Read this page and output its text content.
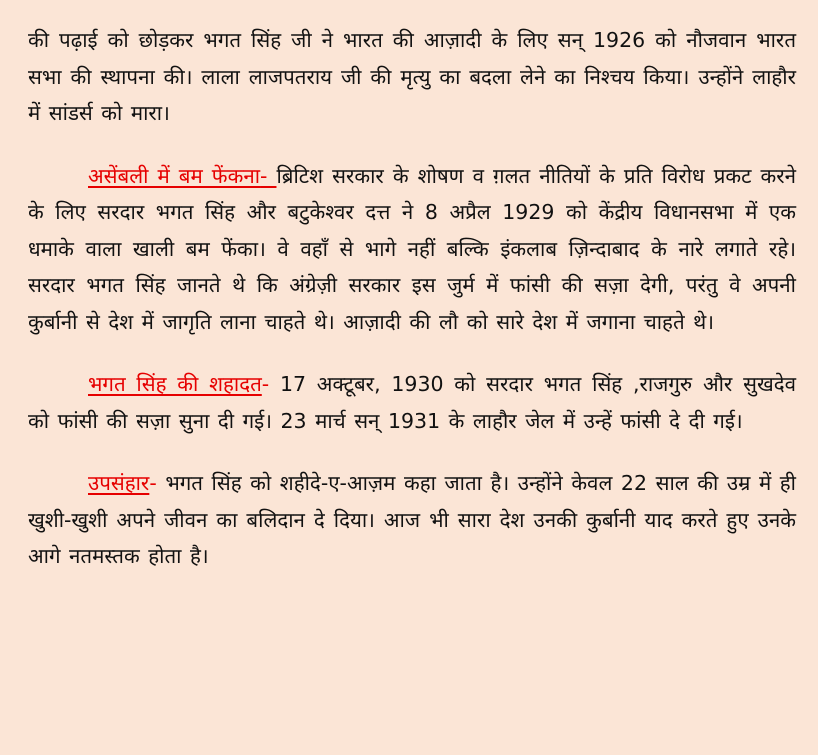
की पढ़ाई को छोड़कर भगत सिंह जी ने भारत की आज़ादी के लिए सन् 1926 को नौजवान भारत सभा की स्थापना की। लाला लाजपतराय जी की मृत्यु का बदला लेने का निश्चय किया। उन्होंने लाहौर में सांडर्स को मारा।

असेंबली में बम फेंकना- ब्रिटिश सरकार के शोषण व ग़लत नीतियों के प्रति विरोध प्रकट करने के लिए सरदार भगत सिंह और बटुकेश्वर दत्त ने 8 अप्रैल 1929 को केंद्रीय विधानसभा में एक धमाके वाला खाली बम फेंका। वे वहाँ से भागे नहीं बल्कि इंकलाब ज़िन्दाबाद के नारे लगाते रहे। सरदार भगत सिंह जानते थे कि अंग्रेज़ी सरकार इस जुर्म में फांसी की सज़ा देगी, परंतु वे अपनी कुर्बानी से देश में जागृति लाना चाहते थे। आज़ादी की लौ को सारे देश में जगाना चाहते थे।

भगत सिंह की शहादत- 17 अक्टूबर, 1930 को सरदार भगत सिंह ,राजगुरु और सुखदेव को फांसी की सज़ा सुना दी गई। 23 मार्च सन् 1931 के लाहौर जेल में उन्हें फांसी दे दी गई।

उपसंहार- भगत सिंह को शहीदे-ए-आज़म कहा जाता है। उन्होंने केवल 22 साल की उम्र में ही खुशी-खुशी अपने जीवन का बलिदान दे दिया। आज भी सारा देश उनकी कुर्बानी याद करते हुए उनके आगे नतमस्तक होता है।
